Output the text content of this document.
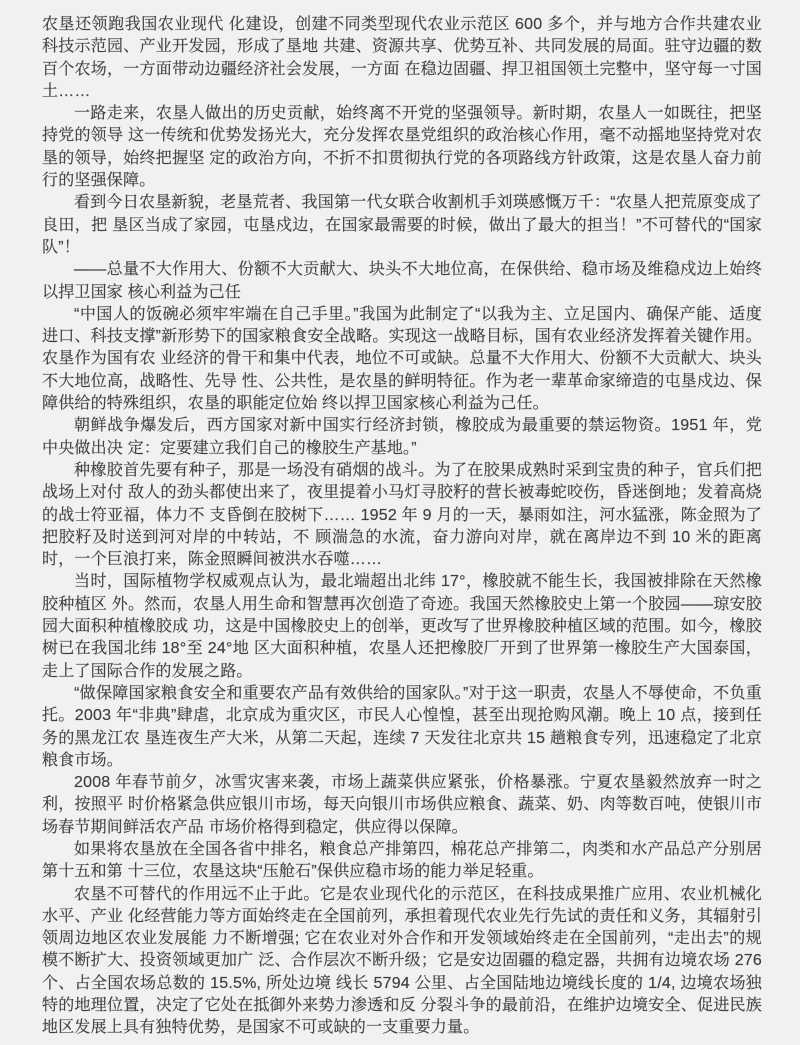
农垦还领跑我国农业现代 化建设，创建不同类型现代农业示范区 600 多个，并与地方合作共建农业科技示范园、产业开发园，形成了垦地 共建、资源共享、优势互补、共同发展的局面。驻守边疆的数百个农场，一方面带动边疆经济社会发展，一方面 在稳边固疆、捍卫祖国领土完整中，坚守每一寸国土……

一路走来，农垦人做出的历史贡献，始终离不开党的坚强领导。新时期，农垦人一如既往，把坚持党的领导 这一传统和优势发扬光大，充分发挥农垦党组织的政治核心作用，毫不动摇地坚持党对农垦的领导，始终把握坚 定的政治方向，不折不扣贯彻执行党的各项路线方针政策，这是农垦人奋力前行的坚强保障。

看到今日农垦新貌，老垦荒者、我国第一代女联合收割机手刘瑛感慨万千：“农垦人把荒原变成了良田，把 垦区当成了家园，屯垦戍边，在国家最需要的时候，做出了最大的担当！”不可替代的“国家队”！

——总量不大作用大、份额不大贡献大、块头不大地位高，在保供给、稳市场及维稳戍边上始终以捍卫国家 核心利益为己任

“中国人的饭碗必须牢牢端在自己手里。”我国为此制定了“以我为主、立足国内、确保产能、适度进口、科技支撑”新形势下的国家粮食安全战略。实现这一战略目标，国有农业经济发挥着关键作用。农垦作为国有农 业经济的骨干和集中代表，地位不可或缺。总量不大作用大、份额不大贡献大、块头不大地位高，战略性、先导 性、公共性，是农垦的鲜明特征。作为老一辈革命家缔造的屯垦戍边、保障供给的特殊组织，农垦的职能定位始 终以捍卫国家核心利益为己任。

朝鲜战争爆发后，西方国家对新中国实行经济封锁，橡胶成为最重要的禁运物资。1951 年，党中央做出决 定：定要建立我们自己的橡胶生产基地。”

种橡胶首先要有种子，那是一场没有硝烟的战斗。为了在胶果成熟时采到宝贵的种子，官兵们把战场上对付 敌人的劲头都使出来了，夜里提着小马灯寻胶籽的营长被毒蛇咬伤，昏迷倒地；发着高烧的战士符亚福，体力不 支昏倒在胶树下…… 1952 年 9 月的一天，暴雨如注，河水猛涨，陈金照为了把胶籽及时送到河对岸的中转站，不 顾湍急的水流，奋力游向对岸，就在离岸边不到 10 米的距离时，一个巨浪打来，陈金照瞬间被洪水吞噬……

当时，国际植物学权威观点认为，最北端超出北纬 17°，橡胶就不能生长，我国被排除在天然橡胶种植区 外。然而，农垦人用生命和智慧再次创造了奇迹。我国天然橡胶史上第一个胶园——琼安胶园大面积种植橡胶成 功，这是中国橡胶史上的创举，更改写了世界橡胶种植区域的范围。如今，橡胶树已在我国北纬 18°至 24°地 区大面积种植，农垦人还把橡胶厂开到了世界第一橡胶生产大国泰国，走上了国际合作的发展之路。

“做保障国家粮食安全和重要农产品有效供给的国家队。”对于这一职责，农垦人不辱使命，不负重托。2003 年“非典”肆虐，北京成为重灾区，市民人心惶惶，甚至出现抢购风潮。晚上 10 点，接到任务的黑龙江农 垦连夜生产大米，从第二天起，连续 7 天发往北京共 15 趟粮食专列，迅速稳定了北京粮食市场。

2008 年春节前夕，冰雪灾害来袭，市场上蔬菜供应紧张，价格暴涨。宁夏农垦毅然放弃一时之利，按照平 时价格紧急供应银川市场，每天向银川市场供应粮食、蔬菜、奶、肉等数百吨，使银川市场春节期间鲜活农产品 市场价格得到稳定，供应得以保障。

如果将农垦放在全国各省中排名，粮食总产排第四，棉花总产排第二，肉类和水产品总产分别居第十五和第 十三位，农垦这块“压舱石”保供应稳市场的能力举足轻重。

农垦不可替代的作用远不止于此。它是农业现代化的示范区，在科技成果推广应用、农业机械化水平、产业 化经营能力等方面始终走在全国前列，承担着现代农业先行先试的责任和义务，其辐射引领周边地区农业发展能 力不断增强; 它在农业对外合作和开发领域始终走在全国前列，“走出去”的规模不断扩大、投资领域更加广 泛、合作层次不断升级；它是安边固疆的稳定器，共拥有边境农场 276 个、占全国农场总数的 15.5%, 所处边境 线长 5794 公里、占全国陆地边境线长度的 1/4, 边境农场独特的地理位置，决定了它处在抵御外来势力渗透和反 分裂斗争的最前沿，在维护边境安全、促进民族地区发展上具有独特优势，是国家不可或缺的一支重要力量。
